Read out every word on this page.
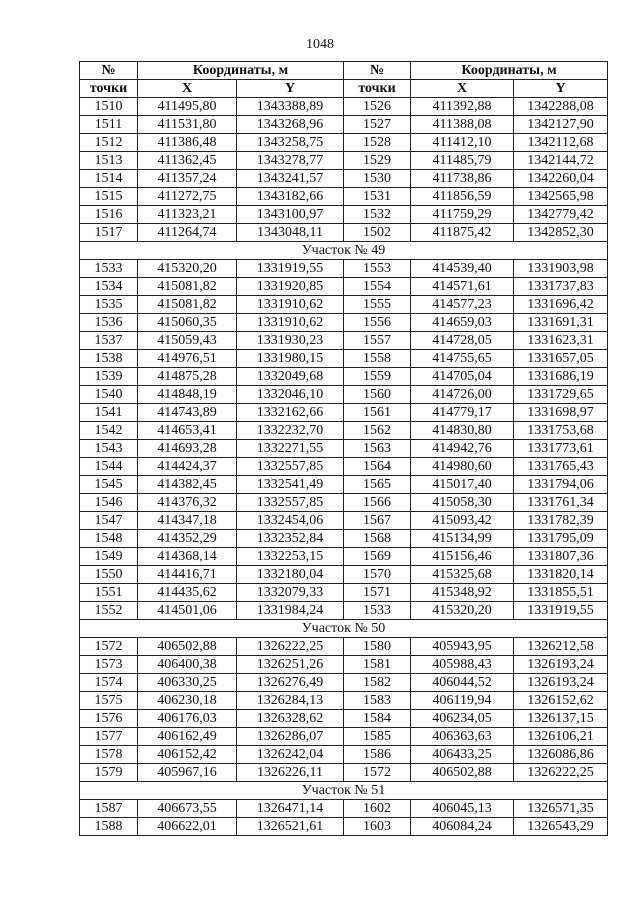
1048
№	Координаты, м		№	Координаты, м	
точки	X	Y	точки	X	Y
1510	411495,80	1343388,89	1526	411392,88	1342288,08
1511	411531,80	1343268,96	1527	411388,08	1342127,90
1512	411386,48	1343258,75	1528	411412,10	1342112,68
1513	411362,45	1343278,77	1529	411485,79	1342144,72
1514	411357,24	1343241,57	1530	411738,86	1342260,04
1515	411272,75	1343182,66	1531	411856,59	1342565,98
1516	411323,21	1343100,97	1532	411759,29	1342779,42
1517	411264,74	1343048,11	1502	411875,42	1342852,30
Участок № 49					
1533	415320,20	1331919,55	1553	414539,40	1331903,98
1534	415081,82	1331920,85	1554	414571,61	1331737,83
1535	415081,82	1331910,62	1555	414577,23	1331696,42
1536	415060,35	1331910,62	1556	414659,03	1331691,31
1537	415059,43	1331930,23	1557	414728,05	1331623,31
1538	414976,51	1331980,15	1558	414755,65	1331657,05
1539	414875,28	1332049,68	1559	414705,04	1331686,19
1540	414848,19	1332046,10	1560	414726,00	1331729,65
1541	414743,89	1332162,66	1561	414779,17	1331698,97
1542	414653,41	1332232,70	1562	414830,80	1331753,68
1543	414693,28	1332271,55	1563	414942,76	1331773,61
1544	414424,37	1332557,85	1564	414980,60	1331765,43
1545	414382,45	1332541,49	1565	415017,40	1331794,06
1546	414376,32	1332557,85	1566	415058,30	1331761,34
1547	414347,18	1332454,06	1567	415093,42	1331782,39
1548	414352,29	1332352,84	1568	415134,99	1331795,09
1549	414368,14	1332253,15	1569	415156,46	1331807,36
1550	414416,71	1332180,04	1570	415325,68	1331820,14
1551	414435,62	1332079,33	1571	415348,92	1331855,51
1552	414501,06	1331984,24	1533	415320,20	1331919,55
Участок № 50					
1572	406502,88	1326222,25	1580	405943,95	1326212,58
1573	406400,38	1326251,26	1581	405988,43	1326193,24
1574	406330,25	1326276,49	1582	406044,52	1326193,24
1575	406230,18	1326284,13	1583	406119,94	1326152,62
1576	406176,03	1326328,62	1584	406234,05	1326137,15
1577	406162,49	1326286,07	1585	406363,63	1326106,21
1578	406152,42	1326242,04	1586	406433,25	1326086,86
1579	405967,16	1326226,11	1572	406502,88	1326222,25
Участок № 51					
1587	406673,55	1326471,14	1602	406045,13	1326571,35
1588	406622,01	1326521,61	1603	406084,24	1326543,29
